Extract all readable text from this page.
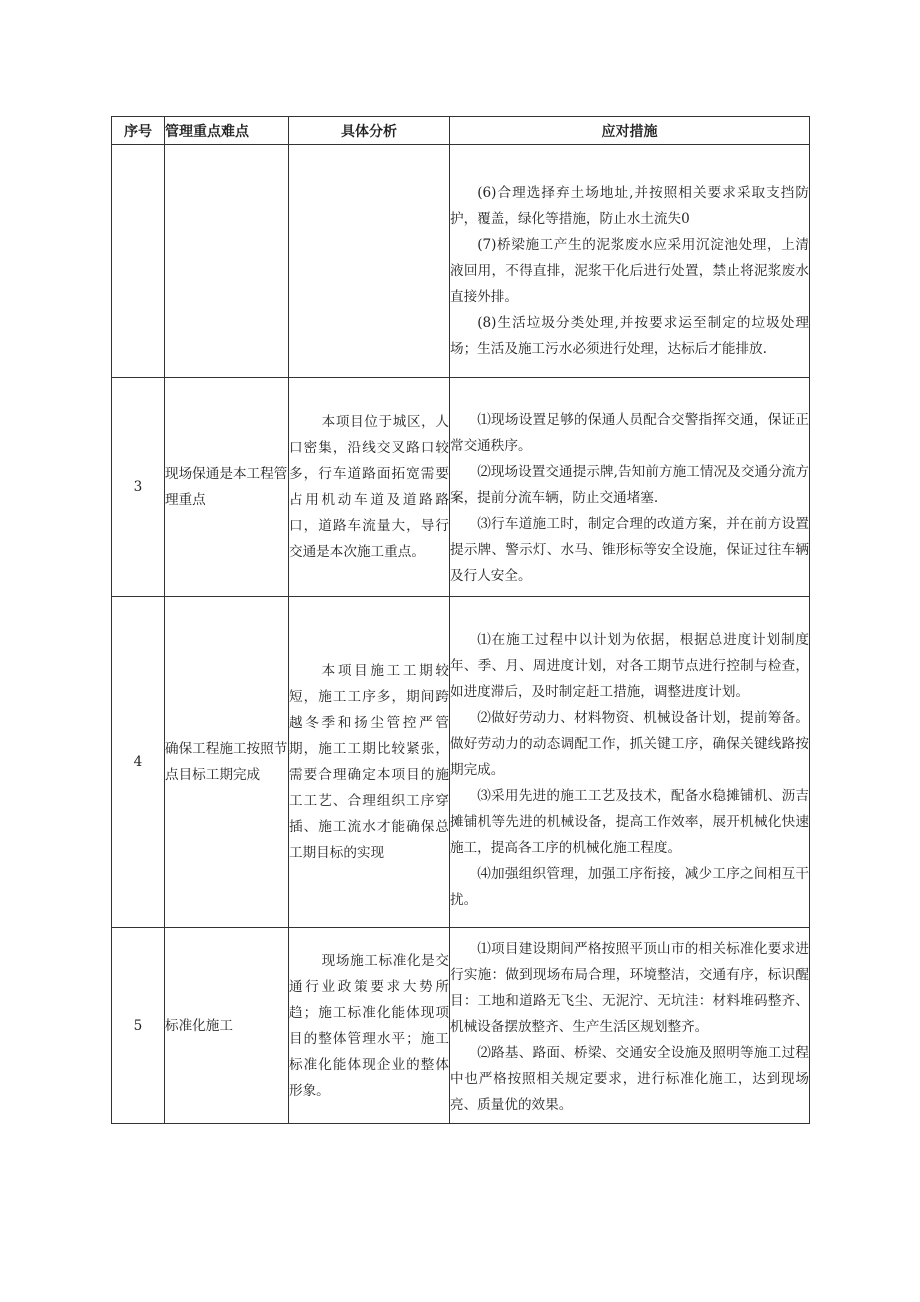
序号	管理重点难点	具体分析	应对措施

			(6)合理选择弃土场地址,并按照相关要求采取支挡防护，覆盖，绿化等措施，防止水土流失0
(7)桥梁施工产生的泥浆废水应采用沉淀池处理，上清液回用，不得直排，泥浆干化后进行处置，禁止将泥浆废水直接外排。
(8)生活垃圾分类处理,并按要求运至制定的垃圾处理场；生活及施工污水必须进行处理，达标后才能排放.

3	现场保通是本工程管理重点	本项目位于城区，人口密集，沿线交叉路口较多，行车道路面拓宽需要占用机动车道及道路路口，道路车流量大，导行交通是本次施工重点。	⑴现场设置足够的保通人员配合交警指挥交通，保证正常交通秩序。
⑵现场设置交通提示牌,告知前方施工情况及交通分流方案，提前分流车辆，防止交通堵塞.
⑶行车道施工时，制定合理的改道方案，并在前方设置提示牌、警示灯、水马、锥形标等安全设施，保证过往车辆及行人安全。

4	确保工程施工按照节点目标工期完成	本项目施工工期较短，施工工序多，期间跨越冬季和扬尘管控严管期，施工工期比较紧张，需要合理确定本项目的施工工艺、合理组织工序穿插、施工流水才能确保总工期目标的实现	⑴在施工过程中以计划为依据，根据总进度计划制度年、季、月、周进度计划，对各工期节点进行控制与检查，如进度滞后，及时制定赶工措施，调整进度计划。
⑵做好劳动力、材料物资、机械设备计划，提前筹备。做好劳动力的动态调配工作，抓关键工序，确保关键线路按期完成。
⑶采用先进的施工工艺及技术，配备水稳摊铺机、沥吉摊铺机等先进的机械设备，提高工作效率，展开机械化快速施工，提高各工序的机械化施工程度。
⑷加强组织管理，加强工序衔接，减少工序之间相互干扰。

5	标准化施工	现场施工标准化是交通行业政策要求大势所趋；施工标准化能体现项目的整体管理水平；施工标准化能体现企业的整体形象。	⑴项目建设期间严格按照平顶山市的相关标准化要求进行实施：做到现场布局合理，环境整洁，交通有序，标识醒目：工地和道路无飞尘、无泥泞、无坑洼：材料堆码整齐、机械设备摆放整齐、生产生活区规划整齐。
⑵路基、路面、桥梁、交通安全设施及照明等施工过程中也严格按照相关规定要求，进行标准化施工，达到现场亮、质量优的效果。
